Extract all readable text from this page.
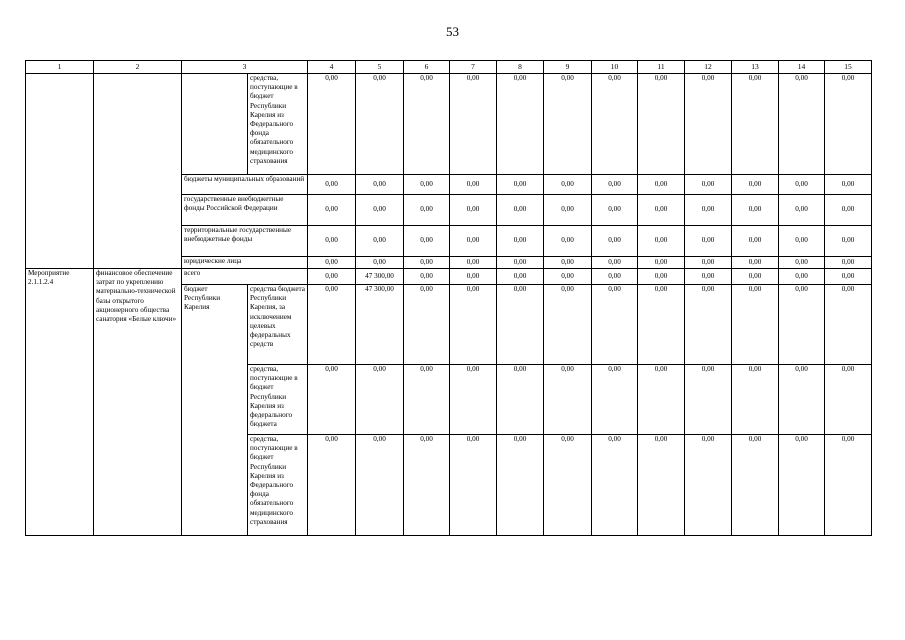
53
1	2	3		4	5	6	7	8	9	10	11	12	13	14	15
			средства, поступающие в бюджет Республики Карелия из Федерального фонда обязательного медицинского страхования	0,00	0,00	0,00	0,00	0,00	0,00	0,00	0,00	0,00	0,00	0,00	0,00
		бюджеты муниципальных образований		0,00	0,00	0,00	0,00	0,00	0,00	0,00	0,00	0,00	0,00	0,00	0,00
		государственные внебюджетные фонды Российской Федерации		0,00	0,00	0,00	0,00	0,00	0,00	0,00	0,00	0,00	0,00	0,00	0,00
		территориальные государственные внебюджетные фонды		0,00	0,00	0,00	0,00	0,00	0,00	0,00	0,00	0,00	0,00	0,00	0,00
		юридические лица		0,00	0,00	0,00	0,00	0,00	0,00	0,00	0,00	0,00	0,00	0,00	0,00
Мероприятие 2.1.1.2.4	финансовое обеспечение затрат по укреплению материально-технической базы открытого акционерного общества санатория «Белые ключи»	всего		0,00	47 300,00	0,00	0,00	0,00	0,00	0,00	0,00	0,00	0,00	0,00	0,00
		бюджет Республики Карелия	средства бюджета Республики Карелия, за исключением целевых федеральных средств	0,00	47 300,00	0,00	0,00	0,00	0,00	0,00	0,00	0,00	0,00	0,00	0,00
			средства, поступающие в бюджет Республики Карелия из федерального бюджета	0,00	0,00	0,00	0,00	0,00	0,00	0,00	0,00	0,00	0,00	0,00	0,00
			средства, поступающие в бюджет Республики Карелия из Федерального фонда обязательного медицинского страхования	0,00	0,00	0,00	0,00	0,00	0,00	0,00	0,00	0,00	0,00	0,00	0,00
